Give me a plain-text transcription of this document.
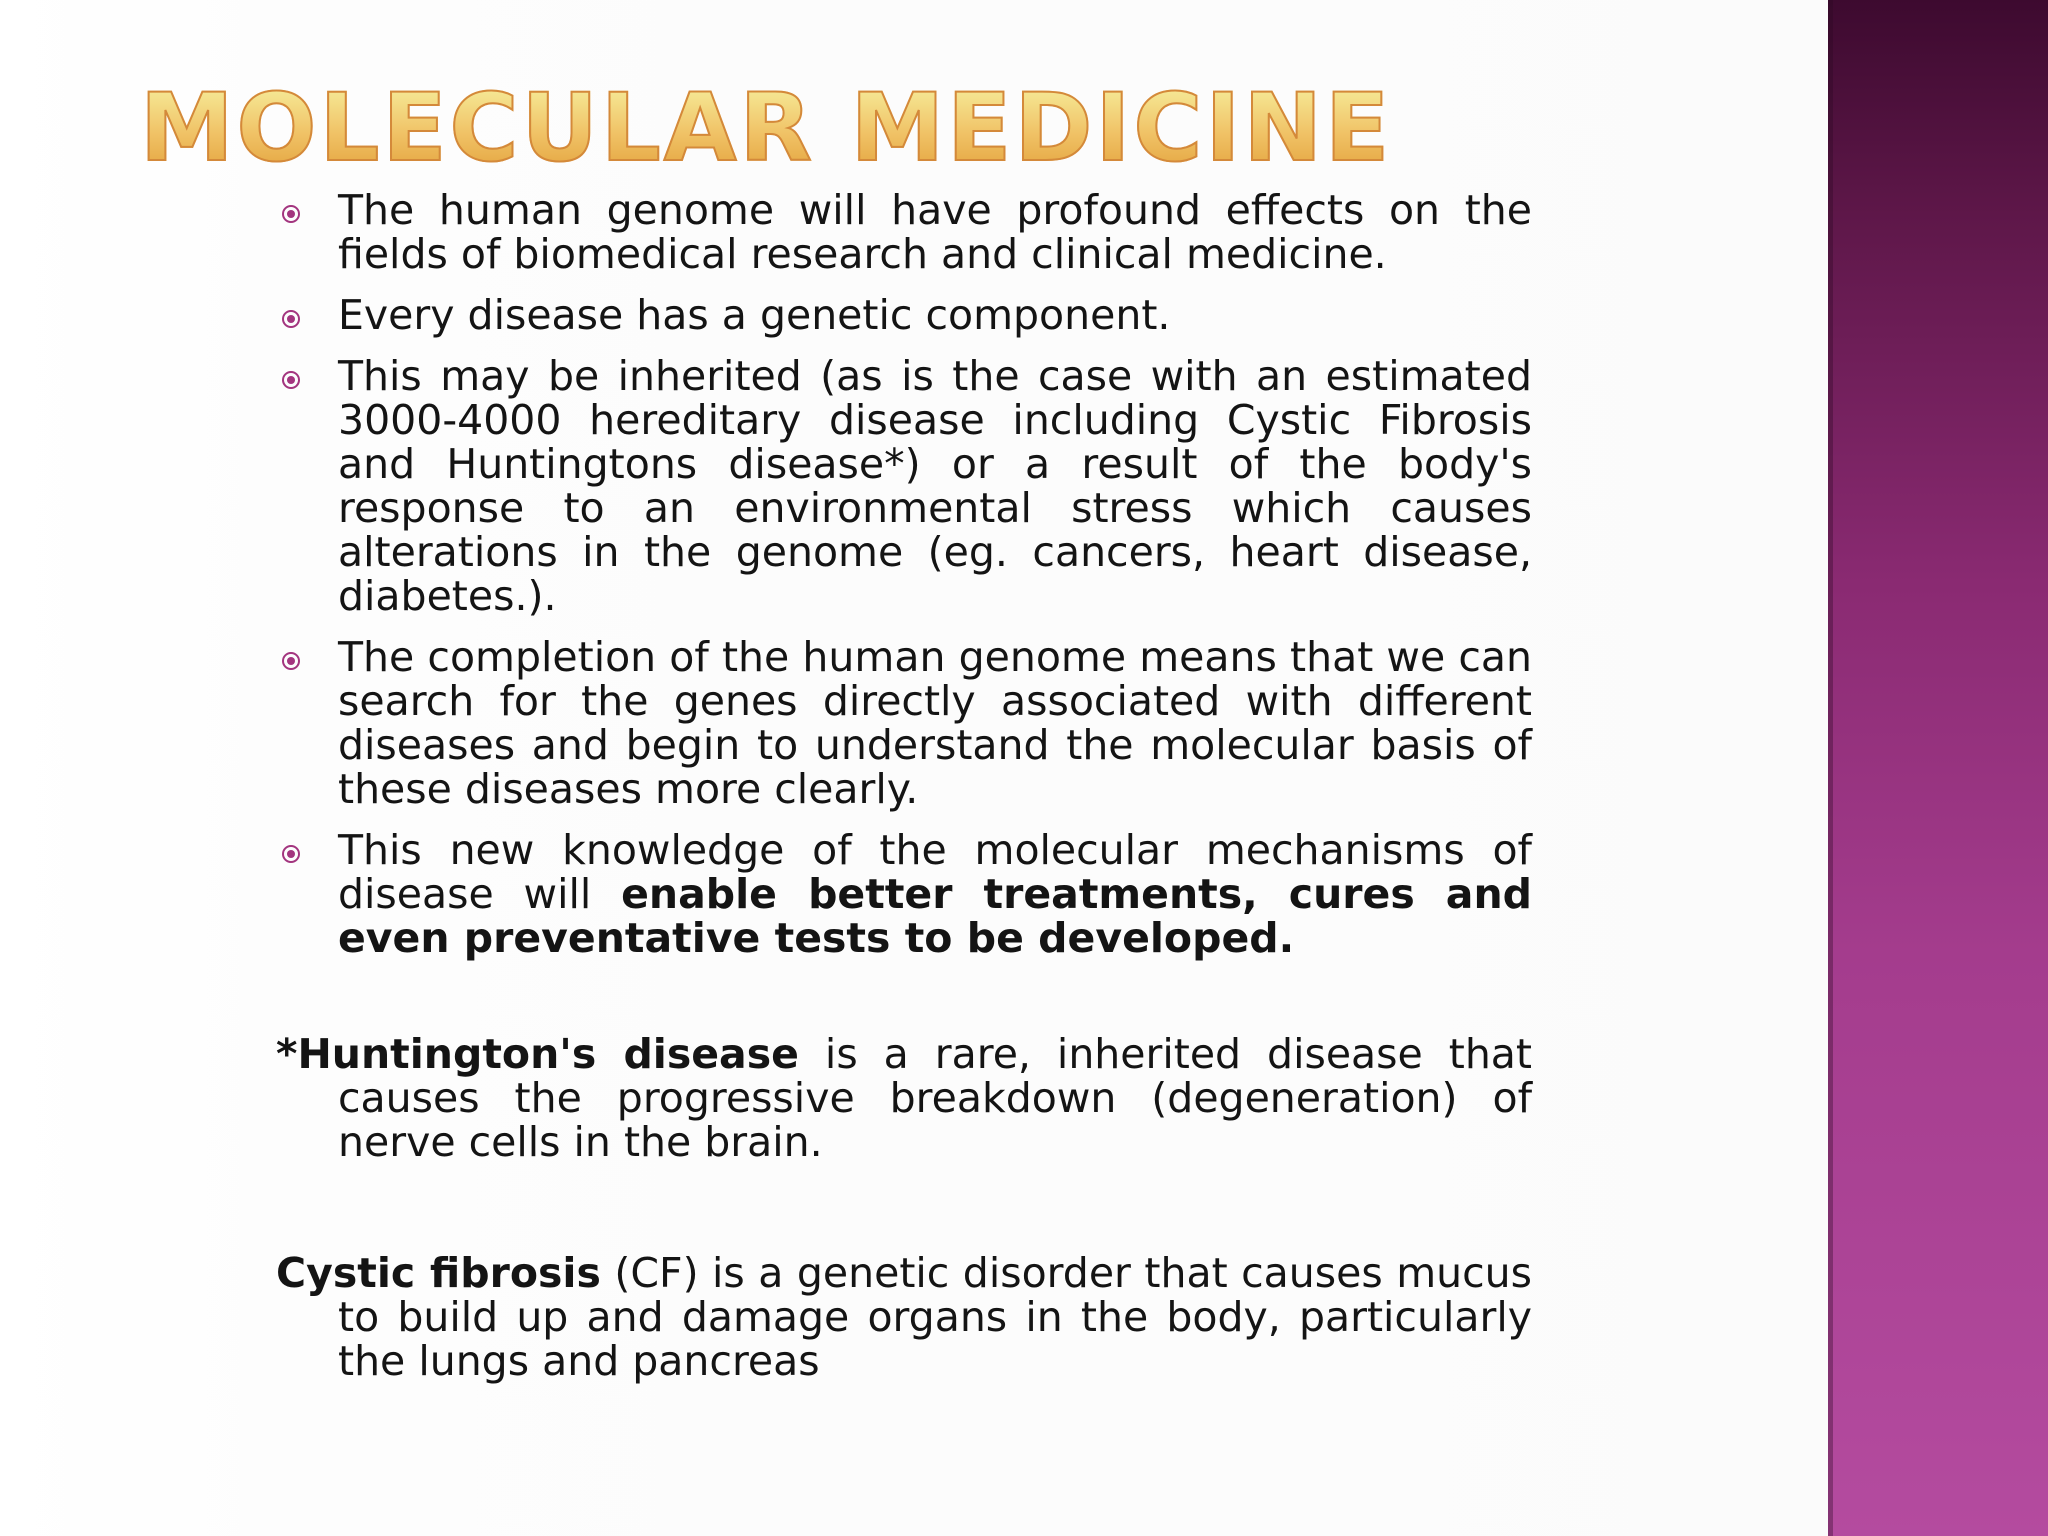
MOLECULAR MEDICINE
The human genome will have profound effects on the fields of biomedical research and clinical medicine.
Every disease has a genetic component.
This may be inherited (as is the case with an estimated 3000-4000 hereditary disease including Cystic Fibrosis and Huntingtons disease*) or a result of the body's response to an environmental stress which causes alterations in the genome (eg. cancers, heart disease, diabetes.).
The completion of the human genome means that we can search for the genes directly associated with different diseases and begin to understand the molecular basis of these diseases more clearly.
This new knowledge of the molecular mechanisms of disease will enable better treatments, cures and even preventative tests to be developed.
*Huntington's disease is a rare, inherited disease that causes the progressive breakdown (degeneration) of nerve cells in the brain.
Cystic fibrosis (CF) is a genetic disorder that causes mucus to build up and damage organs in the body, particularly the lungs and pancreas
